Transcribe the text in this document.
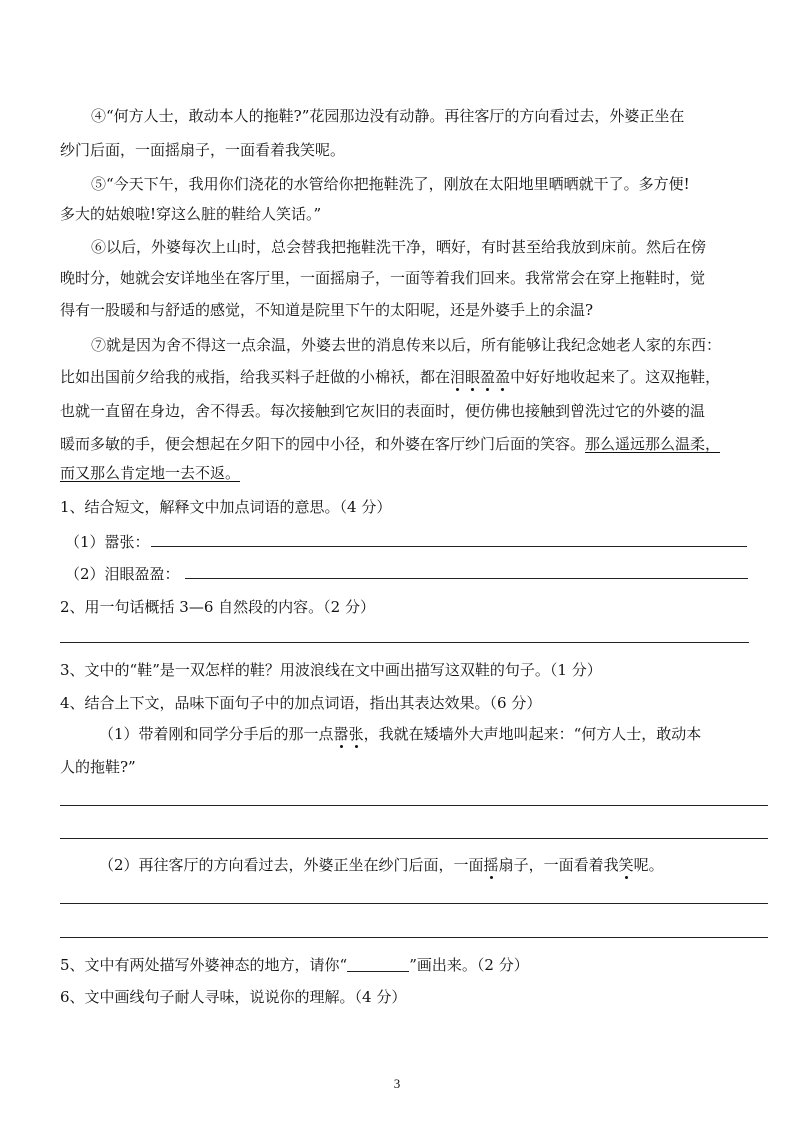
④“何方人士，敢动本人的拖鞋?”花园那边没有动静。再往客厅的方向看过去，外婆正坐在
纱门后面，一面摇扇子，一面看着我笑呢。
⑤“今天下午，我用你们浇花的水管给你把拖鞋洗了，刚放在太阳地里晒晒就干了。多方便!
多大的姑娘啦!穿这么脏的鞋给人笑话。”
⑥以后，外婆每次上山时，总会替我把拖鞋洗干净，晒好，有时甚至给我放到床前。然后在傍
晚时分，她就会安详地坐在客厅里，一面摇扇子，一面等着我们回来。我常常会在穿上拖鞋时，觉
得有一股暖和与舒适的感觉，不知道是院里下午的太阳呢，还是外婆手上的余温?
⑦就是因为舍不得这一点余温，外婆去世的消息传来以后，所有能够让我纪念她老人家的东西：
比如出国前夕给我的戒指，给我买料子赶做的小棉袄，都在泪眼盈盈中好好地收起来了。这双拖鞋，
也就一直留在身边，舍不得丢。每次接触到它灰旧的表面时，便仿佛也接触到曾洗过它的外婆的温
暖而多敏的手，便会想起在夕阳下的园中小径，和外婆在客厅纱门后面的笑容。那么遥远那么温柔，
而又那么肯定地一去不返。
1、结合短文，解释文中加点词语的意思。（4 分）
（1）嚣张：
（2）泪眼盈盈：
2、用一句话概括 3—6 自然段的内容。（2 分）
3、文中的“鞋”是一双怎样的鞋？用波浪线在文中画出描写这双鞋的句子。（1 分）
4、结合上下文，品味下面句子中的加点词语，指出其表达效果。（6 分）
（1）带着刚和同学分手后的那一点嚣张，我就在矮墙外大声地叫起来：“何方人士，敢动本
人的拖鞋?”
（2）再往客厅的方向看过去，外婆正坐在纱门后面，一面摇扇子，一面看着我笑呢。
5、文中有两处描写外婆神态的地方，请你“	”画出来。（2 分）
6、文中画线句子耐人寻味，说说你的理解。（4 分）
3
